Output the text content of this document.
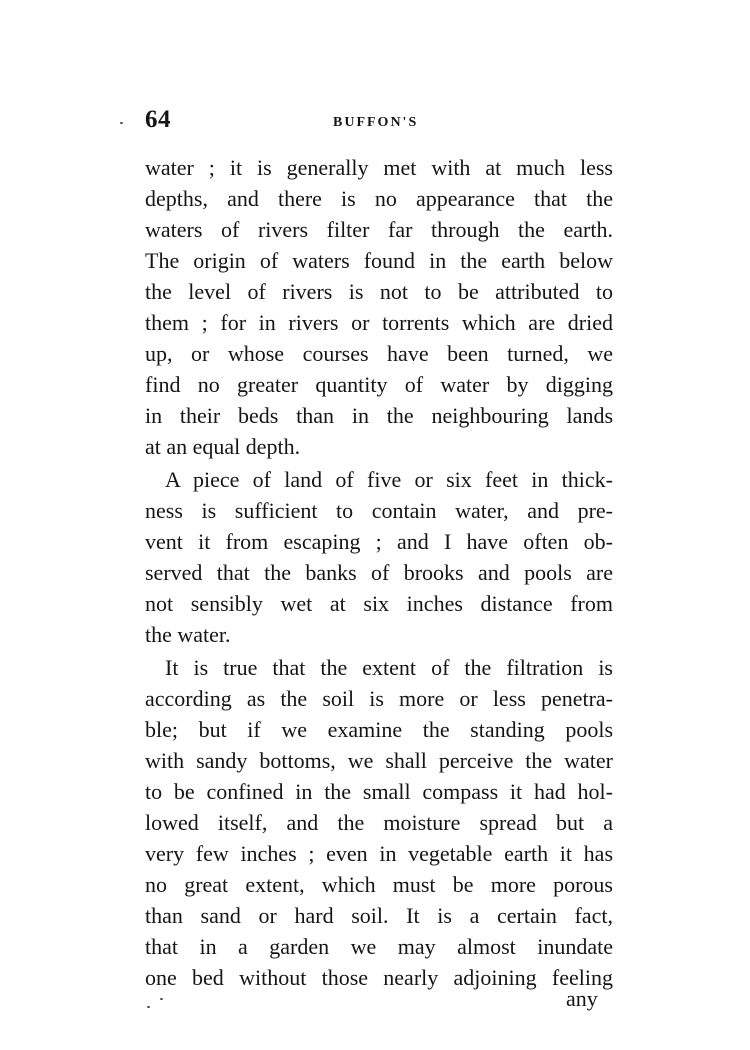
64	BUFFON'S
water ; it is generally met with at much less
depths, and there is no appearance that the
waters of rivers filter far through the earth.
The origin of waters found in the earth below
the level of rivers is not to be attributed to
them ; for in rivers or torrents which are dried
up, or whose courses have been turned, we
find no greater quantity of water by digging
in their beds than in the neighbouring lands
at an equal depth.
A piece of land of five or six feet in thick-
ness is sufficient to contain water, and pre-
vent it from escaping ; and I have often ob-
served that the banks of brooks and pools are
not sensibly wet at six inches distance from
the water.
It is true that the extent of the filtration is
according as the soil is more or less penetra-
ble; but if we examine the standing pools
with sandy bottoms, we shall perceive the water
to be confined in the small compass it had hol-
lowed itself, and the moisture spread but a
very few inches ; even in vegetable earth it has
no great extent, which must be more porous
than sand or hard soil. It is a certain fact,
that in a garden we may almost inundate
one bed without those nearly adjoining feeling
any
